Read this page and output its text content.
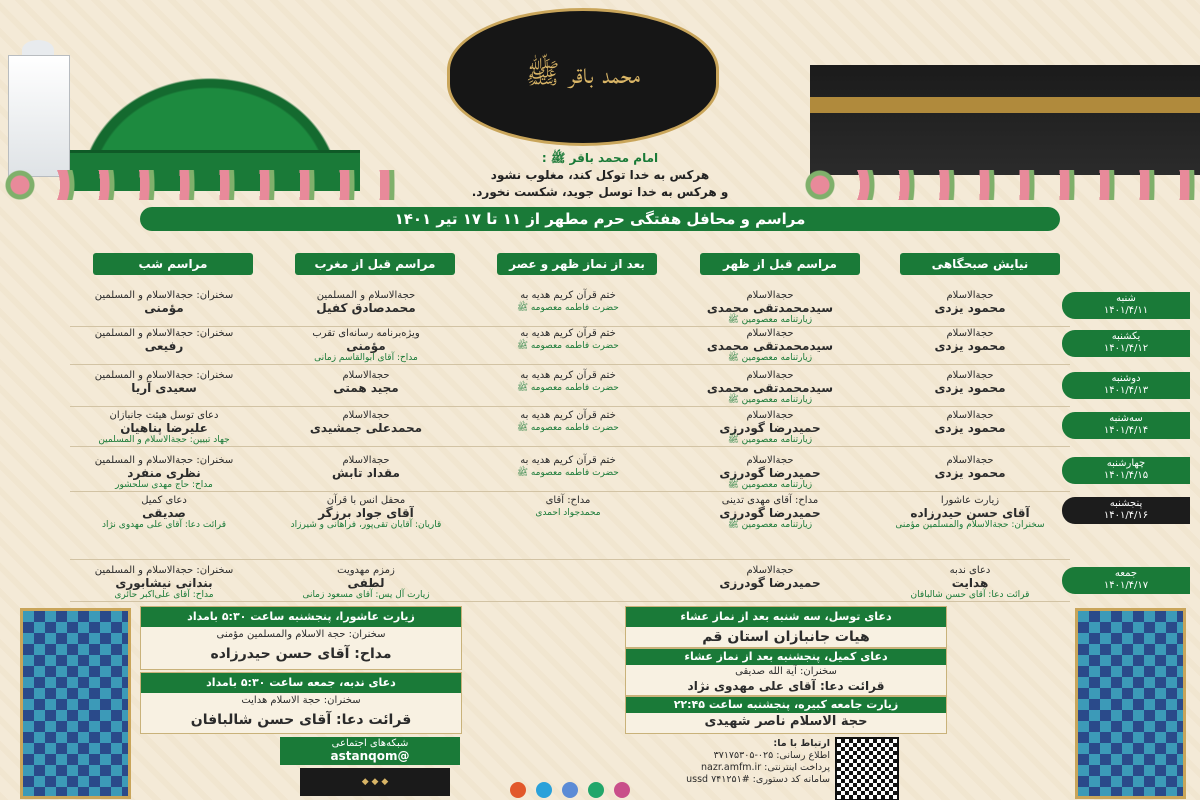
محمد باقر ﷺ
امام محمد باقر ﷺ :
هرکس به خدا توکل کند، مغلوب نشود
و هرکس به خدا توسل جوید، شکست نخورد.
مراسم و محافل هفتگی حرم مطهر از ۱۱ تا ۱۷ تیر ۱۴۰۱
نیایش صبحگاهی
مراسم قبل از ظهر
بعد از نماز ظهر و عصر
مراسم قبل از مغرب
مراسم شب
شنبه
۱۴۰۱/۴/۱۱
حجة‌الاسلام
محمود یزدی
حجة‌الاسلام
سیدمحمدتقی محمدی
زیارتنامه معصومین ﷺ
ختم قرآن کریم هدیه به
حضرت فاطمه معصومه ﷺ
حجة‌الاسلام و المسلمین
محمدصادق کفیل
سخنران: حجة‌الاسلام و المسلمین
مؤمنی
یکشنبه
۱۴۰۱/۴/۱۲
حجة‌الاسلام
محمود یزدی
حجة‌الاسلام
سیدمحمدتقی محمدی
زیارتنامه معصومین ﷺ
ختم قرآن کریم هدیه به
حضرت فاطمه معصومه ﷺ
ویژه‌برنامه رسانه‌ای تقرب
مؤمنی
مداح: آقای ابوالقاسم زمانی
سخنران: حجة‌الاسلام و المسلمین
رفیعی
دوشنبه
۱۴۰۱/۴/۱۳
حجة‌الاسلام
محمود یزدی
حجة‌الاسلام
سیدمحمدتقی محمدی
زیارتنامه معصومین ﷺ
ختم قرآن کریم هدیه به
حضرت فاطمه معصومه ﷺ
حجة‌الاسلام
مجید همتی
سخنران: حجة‌الاسلام و المسلمین
سعیدی آریا
سه‌شنبه
۱۴۰۱/۴/۱۴
حجة‌الاسلام
محمود یزدی
حجة‌الاسلام
حمیدرضا گودرزی
زیارتنامه معصومین ﷺ
ختم قرآن کریم هدیه به
حضرت فاطمه معصومه ﷺ
حجة‌الاسلام
محمدعلی جمشیدی
دعای توسل هیئت جانبازان
علیرضا پناهیان
جهاد تبیین: حجة‌الاسلام و المسلمین
چهارشنبه
۱۴۰۱/۴/۱۵
حجة‌الاسلام
محمود یزدی
حجة‌الاسلام
حمیدرضا گودرزی
زیارتنامه معصومین ﷺ
ختم قرآن کریم هدیه به
حضرت فاطمه معصومه ﷺ
حجة‌الاسلام
مقداد تابش
سخنران: حجة‌الاسلام و المسلمین
نظری منفرد
مداح: حاج مهدی سلحشور
پنجشنبه
۱۴۰۱/۴/۱۶
زیارت عاشورا
آقای حسن حیدرزاده
سخنران: حجة‌الاسلام والمسلمین مؤمنی
مداح: آقای مهدی تدینی
حمیدرضا گودرزی
زیارتنامه معصومین ﷺ
مداح: آقای
محمدجواد احمدی
محفل انس با قرآن
آقای جواد برزگر
قاریان: آقایان تقی‌پور، فراهانی و شیرزاد
دعای کمیل
صدیقی
قرائت دعا: آقای علی مهدوی نژاد
جمعه
۱۴۰۱/۴/۱۷
دعای ندبه
هدایت
قرائت دعا: آقای حسن شالبافان
حجة‌الاسلام
حمیدرضا گودرزی
زمزم مهدویت
لطفی
زیارت آل یس: آقای مسعود زمانی
سخنران: حجة‌الاسلام و المسلمین
بندانی نیشابوری
مداح: آقای علی‌اکبر حائری
زیارت عاشورا، پنجشنبه ساعت ۵:۳۰ بامداد
سخنران: حجة الاسلام والمسلمین مؤمنی
مداح: آقای حسن حیدرزاده
دعای ندبه، جمعه ساعت ۵:۳۰ بامداد
سخنران: حجة الاسلام هدایت
قرائت دعا: آقای حسن شالبافان
دعای توسل، سه شنبه بعد از نماز عشاء
هیات جانبازان استان قم
دعای کمیل، پنجشنبه بعد از نماز عشاء
سخنران: آیة الله صدیقی
قرائت دعا: آقای علی مهدوی نژاد
زیارت جامعه کبیره، پنجشنبه ساعت ۲۲:۴۵
حجة الاسلام ناصر شهیدی
شبکه‌های اجتماعی
@astanqom
◆ ◆ ◆
ارتباط با ما:
اطلاع رسانی: ۰۲۵-۳۷۱۷۵۳۰۵
پرداخت اینترنتی: nazr.amfm.ir
سامانه کد دستوری: #۷۴۱۲۵۱ ussd
